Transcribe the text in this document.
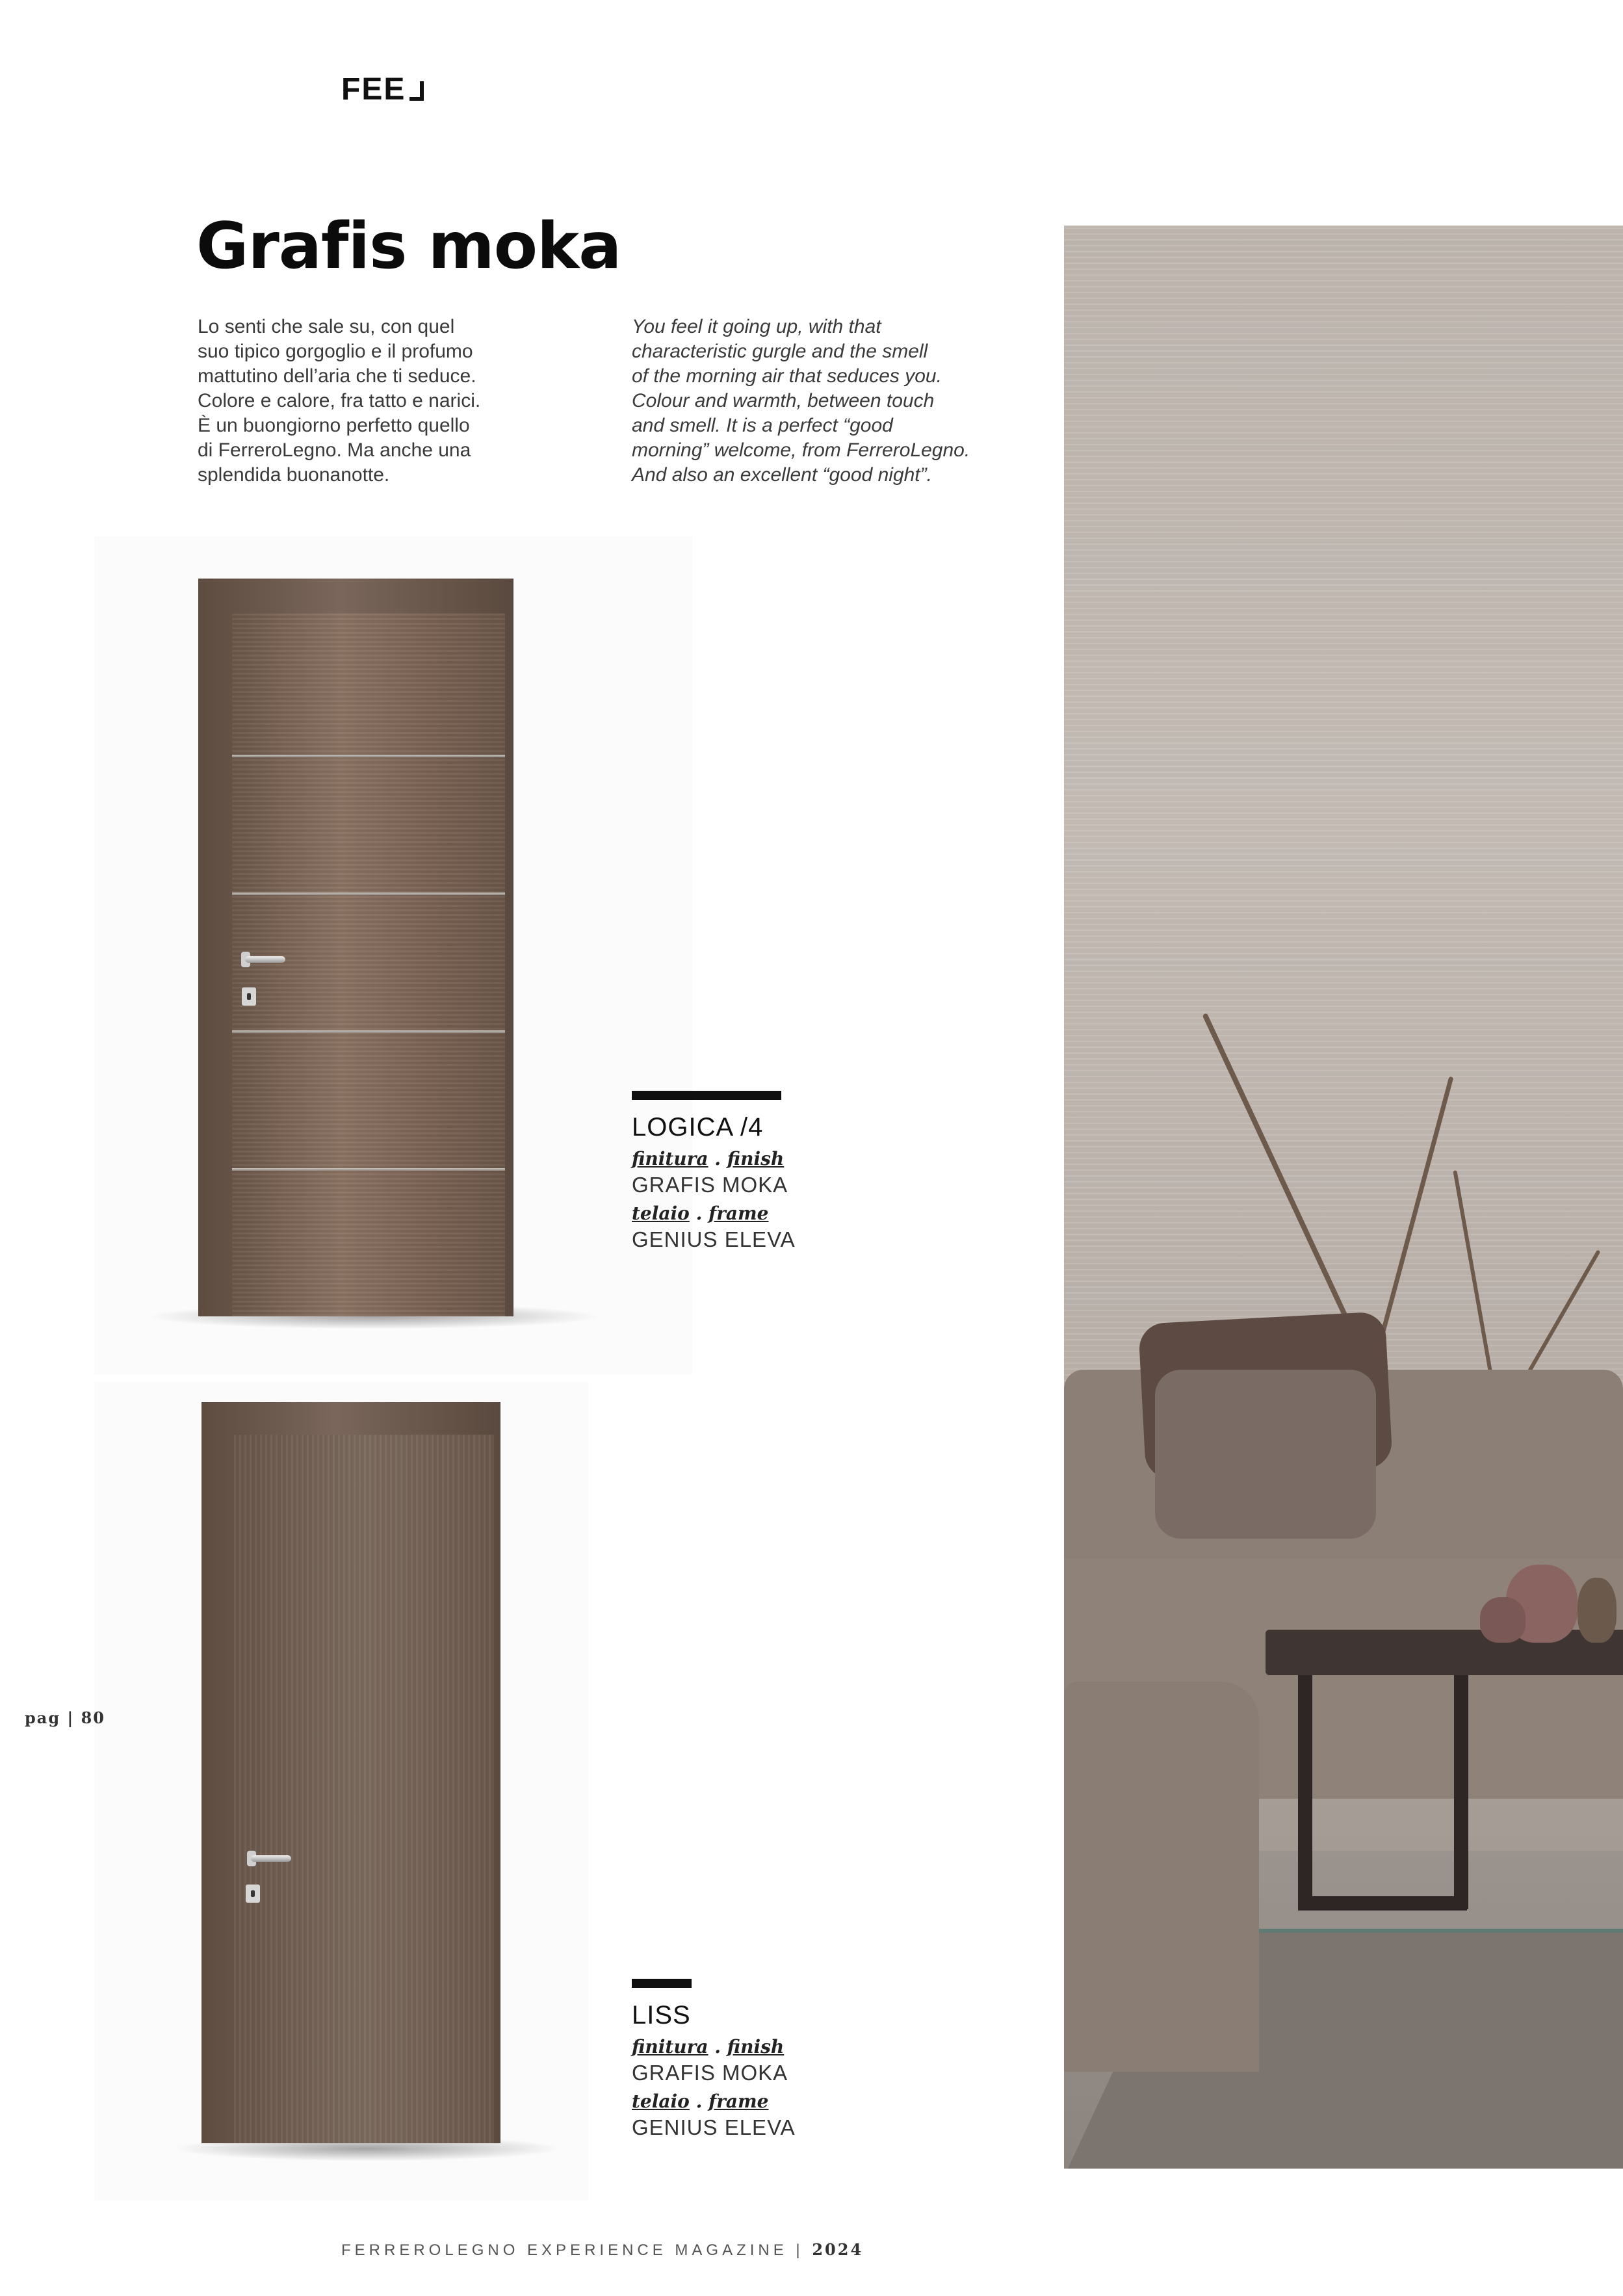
FEE
Grafis moka

Lo senti che sale su, con quel
suo tipico gorgoglio e il profumo
mattutino dell’aria che ti seduce.
Colore e calore, fra tatto e narici.
È un buongiorno perfetto quello
di FerreroLegno. Ma anche una
splendida buonanotte.

You feel it going up, with that
characteristic gurgle and the smell
of the morning air that seduces you.
Colour and warmth, between touch
and smell. It is a perfect “good
morning” welcome, from FerreroLegno.
And also an excellent “good night”.

LOGICA /4
finitura . finish
GRAFIS MOKA
telaio . frame
GENIUS ELEVA
LISS
finitura . finish
GRAFIS MOKA
telaio . frame
GENIUS ELEVA
pag | 80
FERREROLEGNO EXPERIENCE MAGAZINE | 2024
